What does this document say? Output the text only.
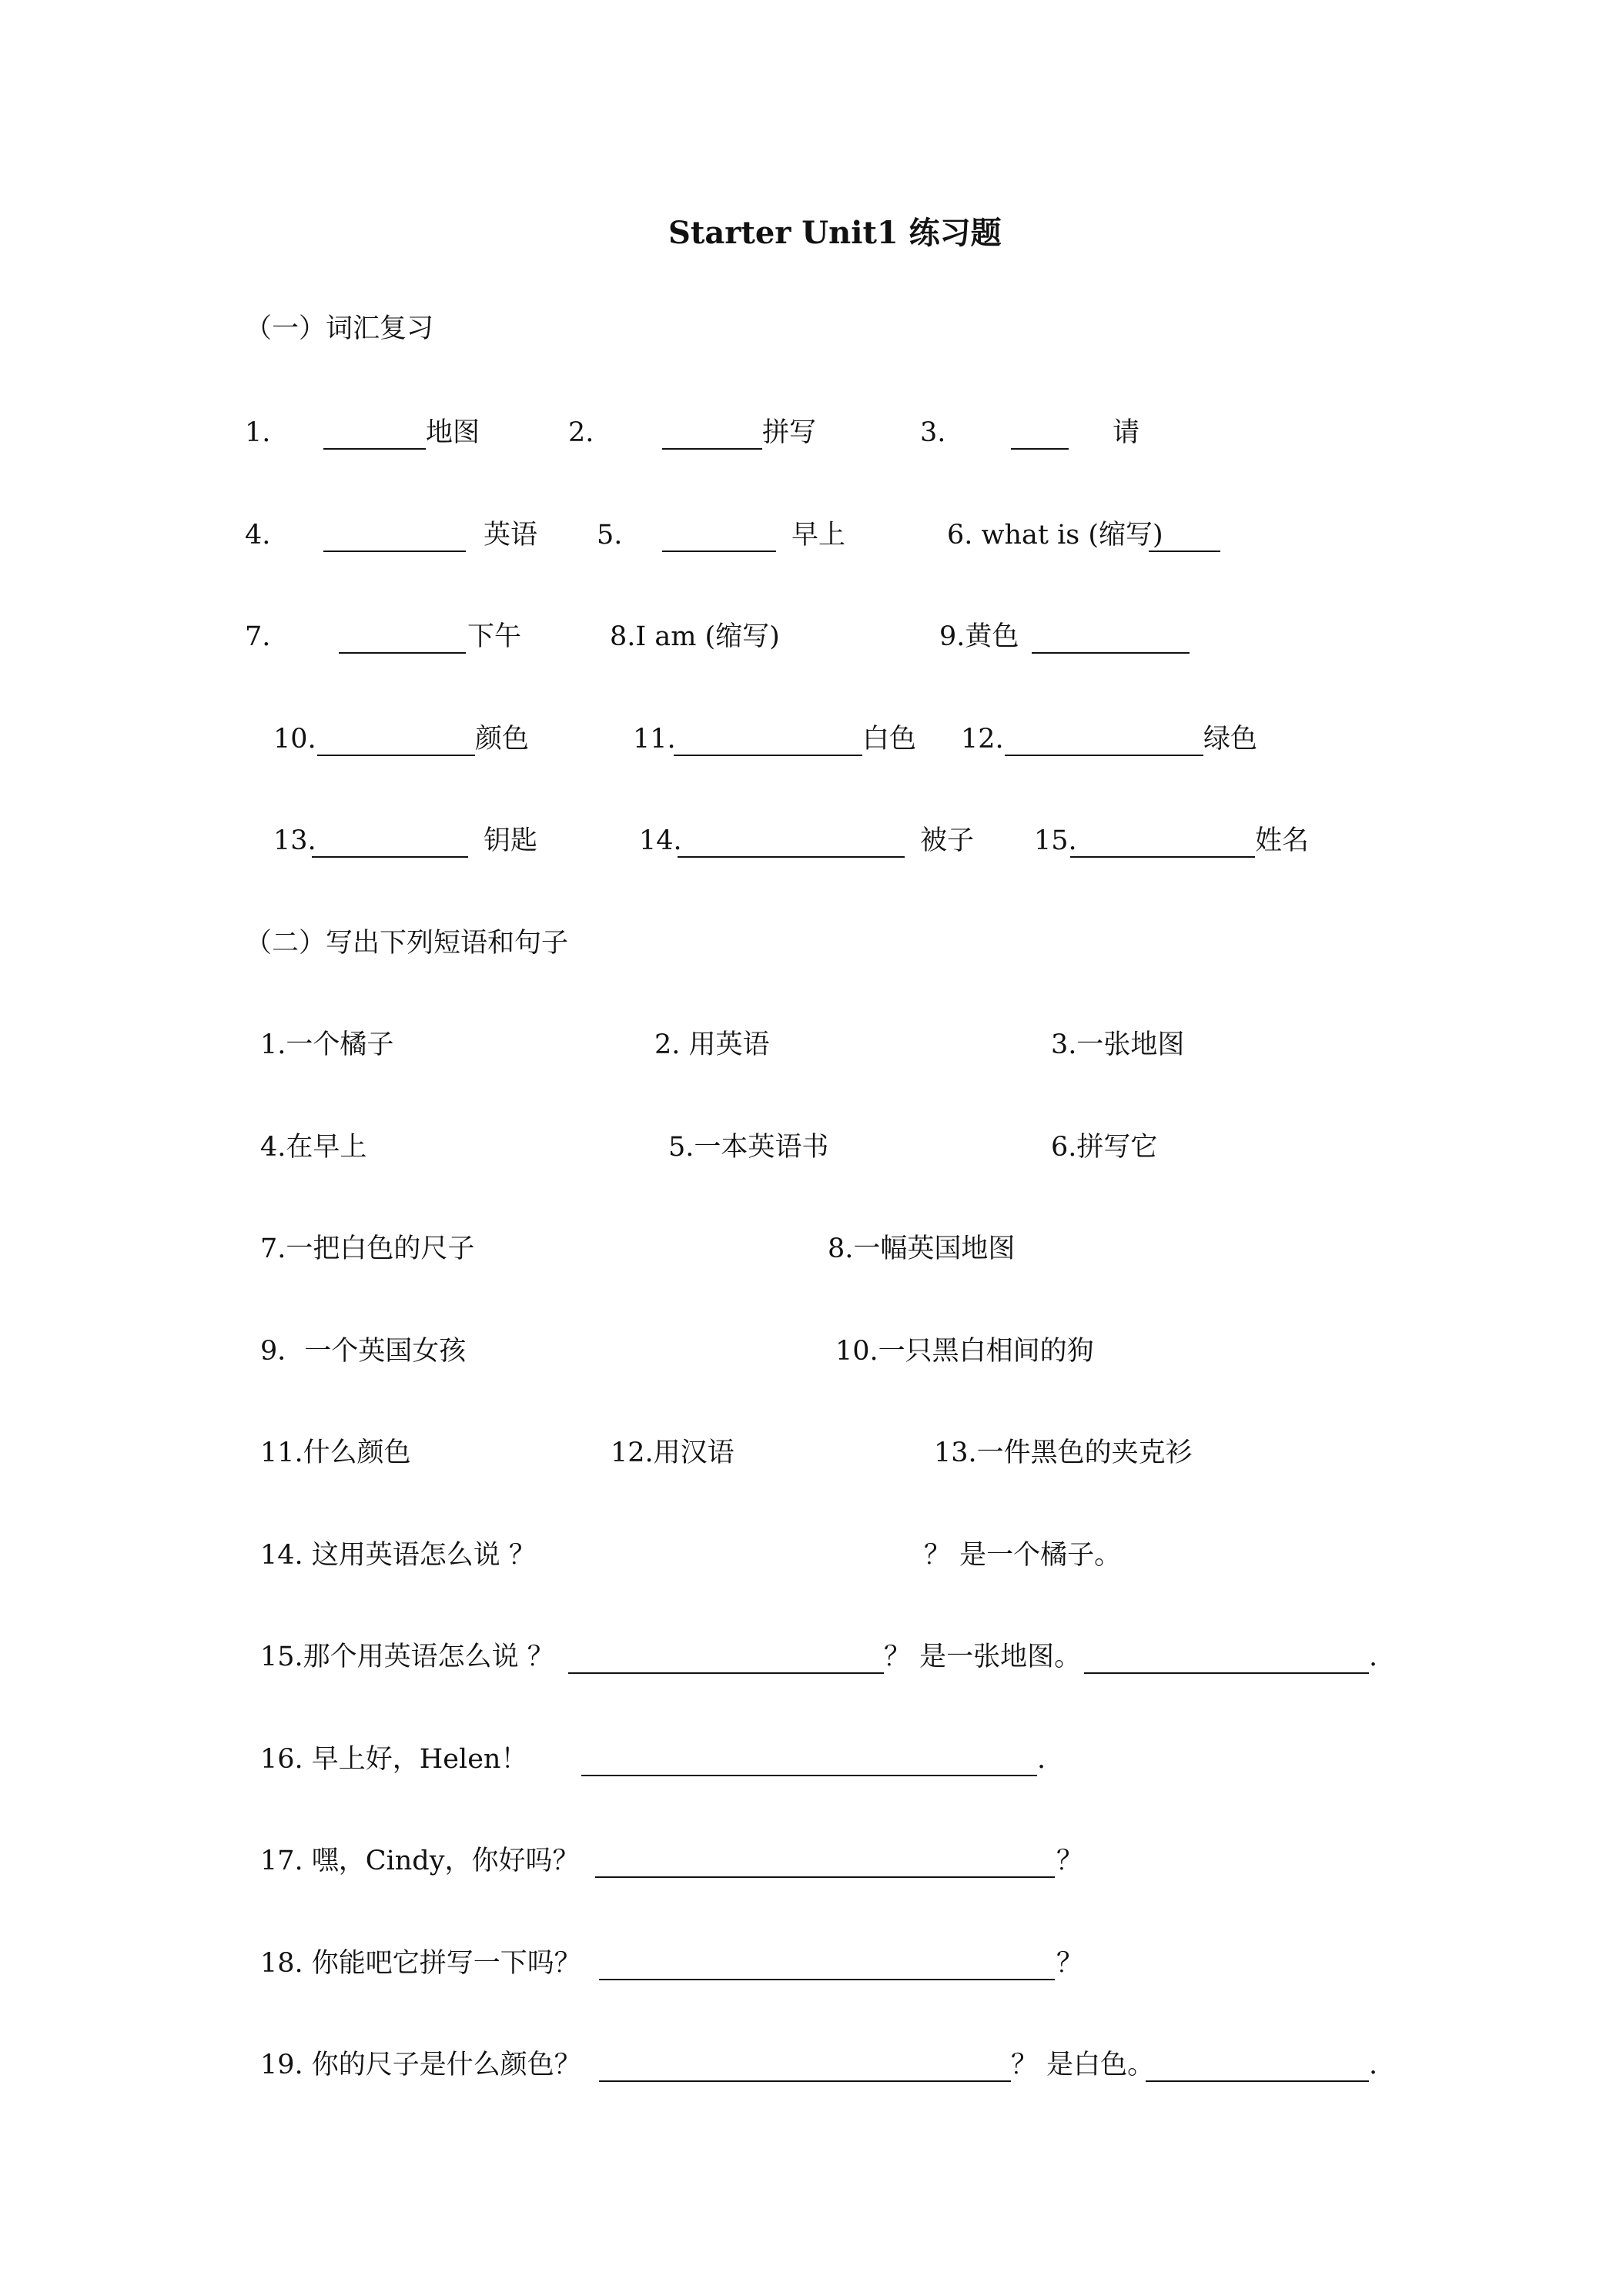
Starter Unit1 练习题
（一）词汇复习
1.	地图	2.	拼写	3.	请
4.	英语 5.	早上	6. what is (缩写)
7.	下午	8.I am (缩写)	9.黄色
10.	颜色	11.	白色 12.	绿色
13.	钥匙	14.	被子 15.	姓名
（二）写出下列短语和句子
1.一个橘子	2. 用英语	3.一张地图
4.在早上	5.一本英语书	6.拼写它
7.一把白色的尺子	8.一幅英国地图
9．一个英国女孩	10.一只黑白相间的狗
11.什么颜色	12.用汉语	13.一件黑色的夹克衫
14. 这用英语怎么说 ？	？ 是一个橘子。
15.那个用英语怎么说 ？	？ 是一张地图。	.
16. 早上好，Helen！	.
17. 嘿，Cindy，你好吗？	？
18. 你能吧它拼写一下吗？	？
19. 你的尺子是什么颜色？	？ 是白色。	.
